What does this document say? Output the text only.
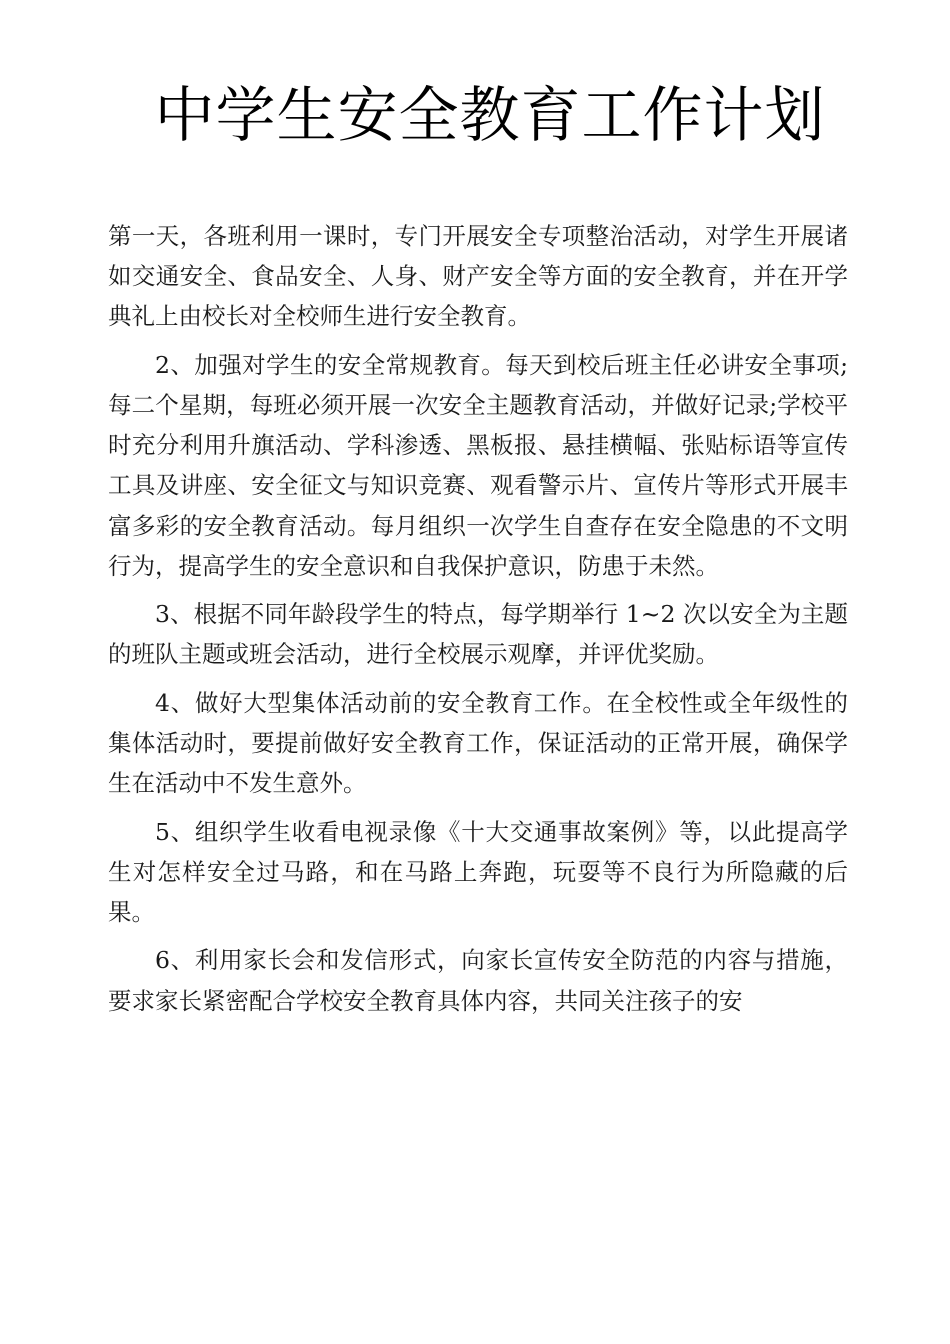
中学生安全教育工作计划

第一天，各班利用一课时，专门开展安全专项整治活动，对学生开展诸如交通安全、食品安全、人身、财产安全等方面的安全教育，并在开学典礼上由校长对全校师生进行安全教育。

2、加强对学生的安全常规教育。每天到校后班主任必讲安全事项;每二个星期，每班必须开展一次安全主题教育活动，并做好记录;学校平时充分利用升旗活动、学科渗透、黑板报、悬挂横幅、张贴标语等宣传工具及讲座、安全征文与知识竞赛、观看警示片、宣传片等形式开展丰富多彩的安全教育活动。每月组织一次学生自查存在安全隐患的不文明行为，提高学生的安全意识和自我保护意识，防患于未然。

3、根据不同年龄段学生的特点，每学期举行 1~2 次以安全为主题的班队主题或班会活动，进行全校展示观摩，并评优奖励。

4、做好大型集体活动前的安全教育工作。在全校性或全年级性的集体活动时，要提前做好安全教育工作，保证活动的正常开展，确保学生在活动中不发生意外。

5、组织学生收看电视录像《十大交通事故案例》等，以此提高学生对怎样安全过马路，和在马路上奔跑，玩耍等不良行为所隐藏的后果。

6、利用家长会和发信形式，向家长宣传安全防范的内容与措施，要求家长紧密配合学校安全教育具体内容，共同关注孩子的安
